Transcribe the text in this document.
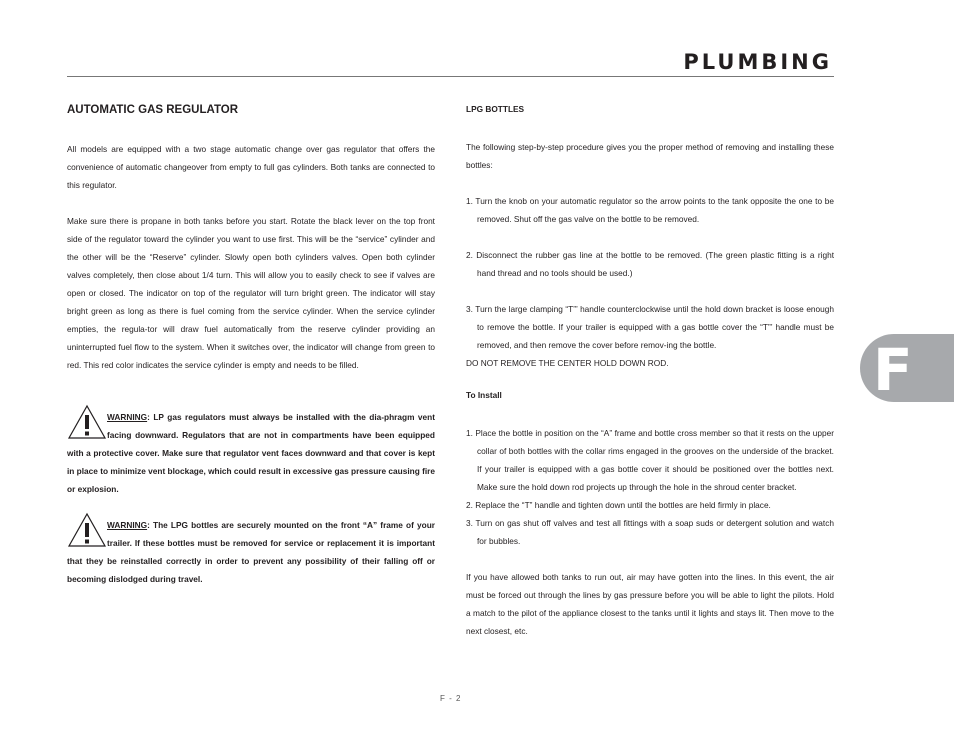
PLUMBING
AUTOMATIC GAS REGULATOR

All models are equipped with a two stage automatic change over gas regulator that offers the convenience of automatic changeover from empty to full gas cylinders. Both tanks are connected to this regulator.

Make sure there is propane in both tanks before you start. Rotate the black lever on the top front side of the regulator toward the cylinder you want to use first. This will be the “service” cylinder and the other will be the “Reserve” cylinder. Slowly open both cylinders valves. Open both cylinder valves completely, then close about 1/4 turn. This will allow you to easily check to see if valves are open or closed. The indicator on top of the regulator will turn bright green. The indicator will stay bright green as long as there is fuel coming from the service cylinder. When the service cylinder empties, the regula-tor will draw fuel automatically from the reserve cylinder providing an uninterrupted fuel flow to the system. When it switches over, the indicator will change from green to red. This red color indicates the service cylinder is empty and needs to be filled.

WARNING: LP gas regulators must always be installed with the dia-phragm vent facing downward. Regulators that are not in compartments have been equipped with a protective cover. Make sure that regulator vent faces downward and that cover is kept in place to minimize vent blockage, which could result in excessive gas pressure causing fire or explosion.
WARNING: The LPG bottles are securely mounted on the front “A” frame of your trailer. If these bottles must be removed for service or replacement it is important that they be reinstalled correctly in order to prevent any possibility of their falling off or becoming dislodged during travel.
LPG BOTTLES

The following step-by-step procedure gives you the proper method of removing and installing these bottles:

1. Turn the knob on your automatic regulator so the arrow points to the tank opposite the one to be removed. Shut off the gas valve on the bottle to be removed.

2. Disconnect the rubber gas line at the bottle to be removed. (The green plastic fitting is a right hand thread and no tools should be used.)

3. Turn the large clamping “T”’ handle counterclockwise until the hold down bracket is loose enough to remove the bottle. If your trailer is equipped with a gas bottle cover the “T”’ handle must be removed, and then remove the cover before remov-ing the bottle.

DO NOT REMOVE THE CENTER HOLD DOWN ROD.

To Install

1. Place the bottle in position on the “A” frame and bottle cross member so that it rests on the upper collar of both bottles with the collar rims engaged in the grooves on the underside of the bracket. If your trailer is equipped with a gas bottle cover it should be positioned over the bottles next. Make sure the hold down rod projects up through the hole in the shroud center bracket.

2. Replace the “T” handle and tighten down until the bottles are held firmly in place.

3. Turn on gas shut off valves and test all fittings with a soap suds or detergent solution and watch for bubbles.

If you have allowed both tanks to run out, air may have gotten into the lines. In this event, the air must be forced out through the lines by gas pressure before you will be able to light the pilots. Hold a match to the pilot of the appliance closest to the tanks until it lights and stays lit. Then move to the next closest, etc.

F
F - 2
